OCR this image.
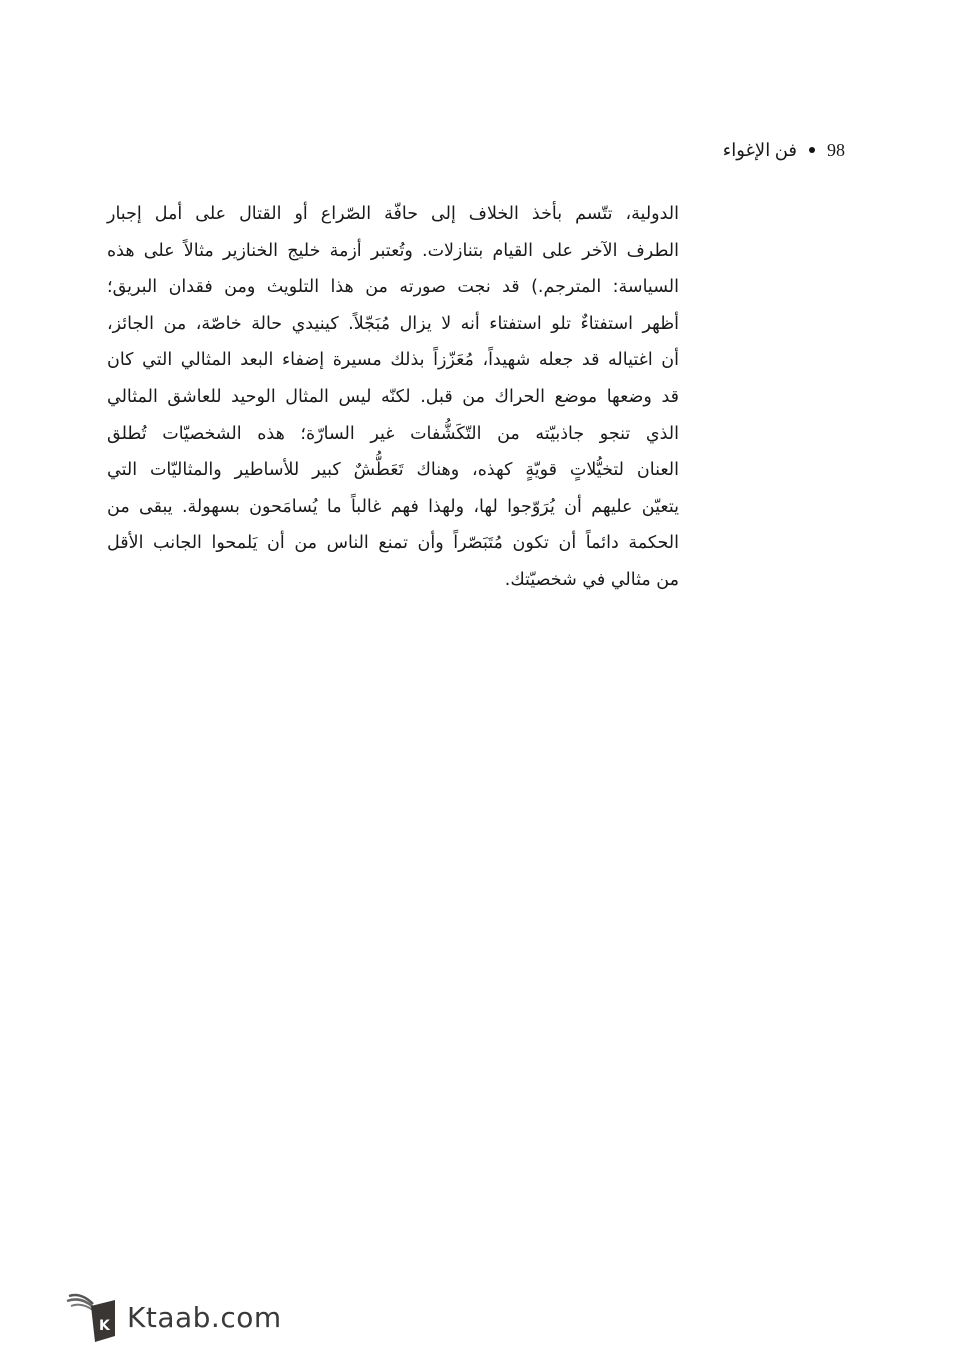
98
فن الإغواء
الدولية، تتّسم بأخذ الخلاف إلى حافّة الصّراع أو القتال على أمل إجبار
الطرف الآخر على القيام بتنازلات. وتُعتبر أزمة خليج الخنازير مثالاً على هذه
السياسة: المترجم.) قد نجت صورته من هذا التلويث ومن فقدان البريق؛
أظهر استفتاءٌ تلو استفتاء أنه لا يزال مُبَجّلاً. كينيدي حالة خاصّة، من الجائز،
أن اغتياله قد جعله شهيداً، مُعَزّزاً بذلك مسيرة إضفاء البعد المثالي التي كان
قد وضعها موضع الحراك من قبل. لكنّه ليس المثال الوحيد للعاشق المثالي
الذي تنجو جاذبيّته من التّكَشُّفات غير السارّة؛ هذه الشخصيّات تُطلق
العنان لتخيُّلاتٍ قويّةٍ كهذه، وهناك تَعَطُّشٌ كبير للأساطير والمثاليّات التي
يتعيّن عليهم أن يُرَوّجوا لها، ولهذا فهم غالباً ما يُسامَحون بسهولة. يبقى من
الحكمة دائماً أن تكون مُتَبَصّراً وأن تمنع الناس من أن يَلمحوا الجانب الأقل
من مثالي في شخصيّتك.
K Ktaab.com
